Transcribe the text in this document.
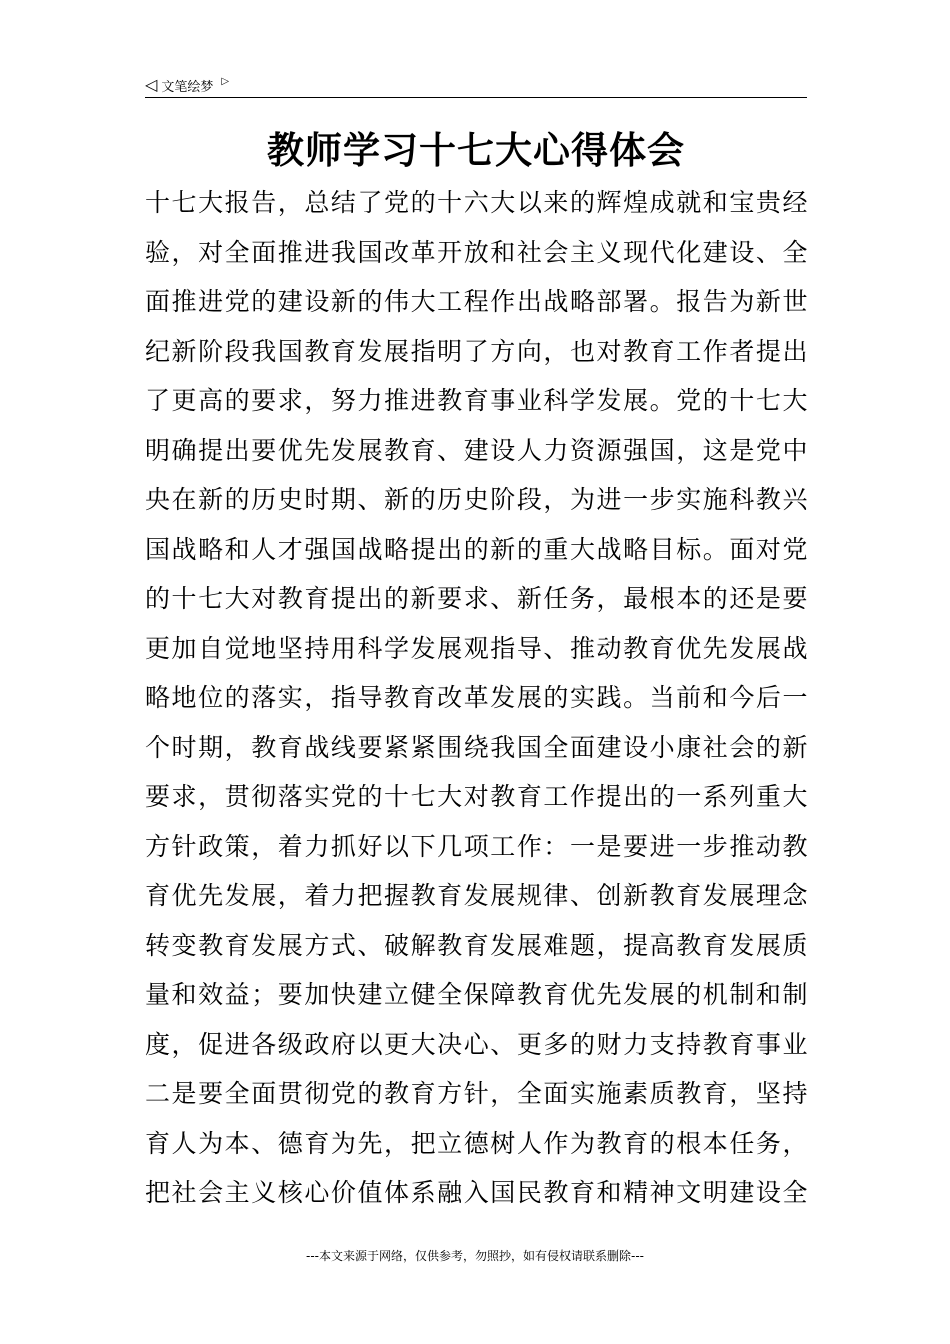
◁ 文笔绘梦 ▷
教师学习十七大心得体会
十七大报告，总结了党的十六大以来的辉煌成就和宝贵经
验，对全面推进我国改革开放和社会主义现代化建设、全
面推进党的建设新的伟大工程作出战略部署。报告为新世
纪新阶段我国教育发展指明了方向，也对教育工作者提出
了更高的要求，努力推进教育事业科学发展。党的十七大
明确提出要优先发展教育、建设人力资源强国，这是党中
央在新的历史时期、新的历史阶段，为进一步实施科教兴
国战略和人才强国战略提出的新的重大战略目标。面对党
的十七大对教育提出的新要求、新任务，最根本的还是要
更加自觉地坚持用科学发展观指导、推动教育优先发展战
略地位的落实，指导教育改革发展的实践。当前和今后一
个时期，教育战线要紧紧围绕我国全面建设小康社会的新
要求，贯彻落实党的十七大对教育工作提出的一系列重大
方针政策，着力抓好以下几项工作：一是要进一步推动教
育优先发展，着力把握教育发展规律、创新教育发展理念
转变教育发展方式、破解教育发展难题，提高教育发展质
量和效益；要加快建立健全保障教育优先发展的机制和制
度，促进各级政府以更大决心、更多的财力支持教育事业
二是要全面贯彻党的教育方针，全面实施素质教育，坚持
育人为本、德育为先，把立德树人作为教育的根本任务，
把社会主义核心价值体系融入国民教育和精神文明建设全
---本文来源于网络，仅供参考，勿照抄，如有侵权请联系删除---
